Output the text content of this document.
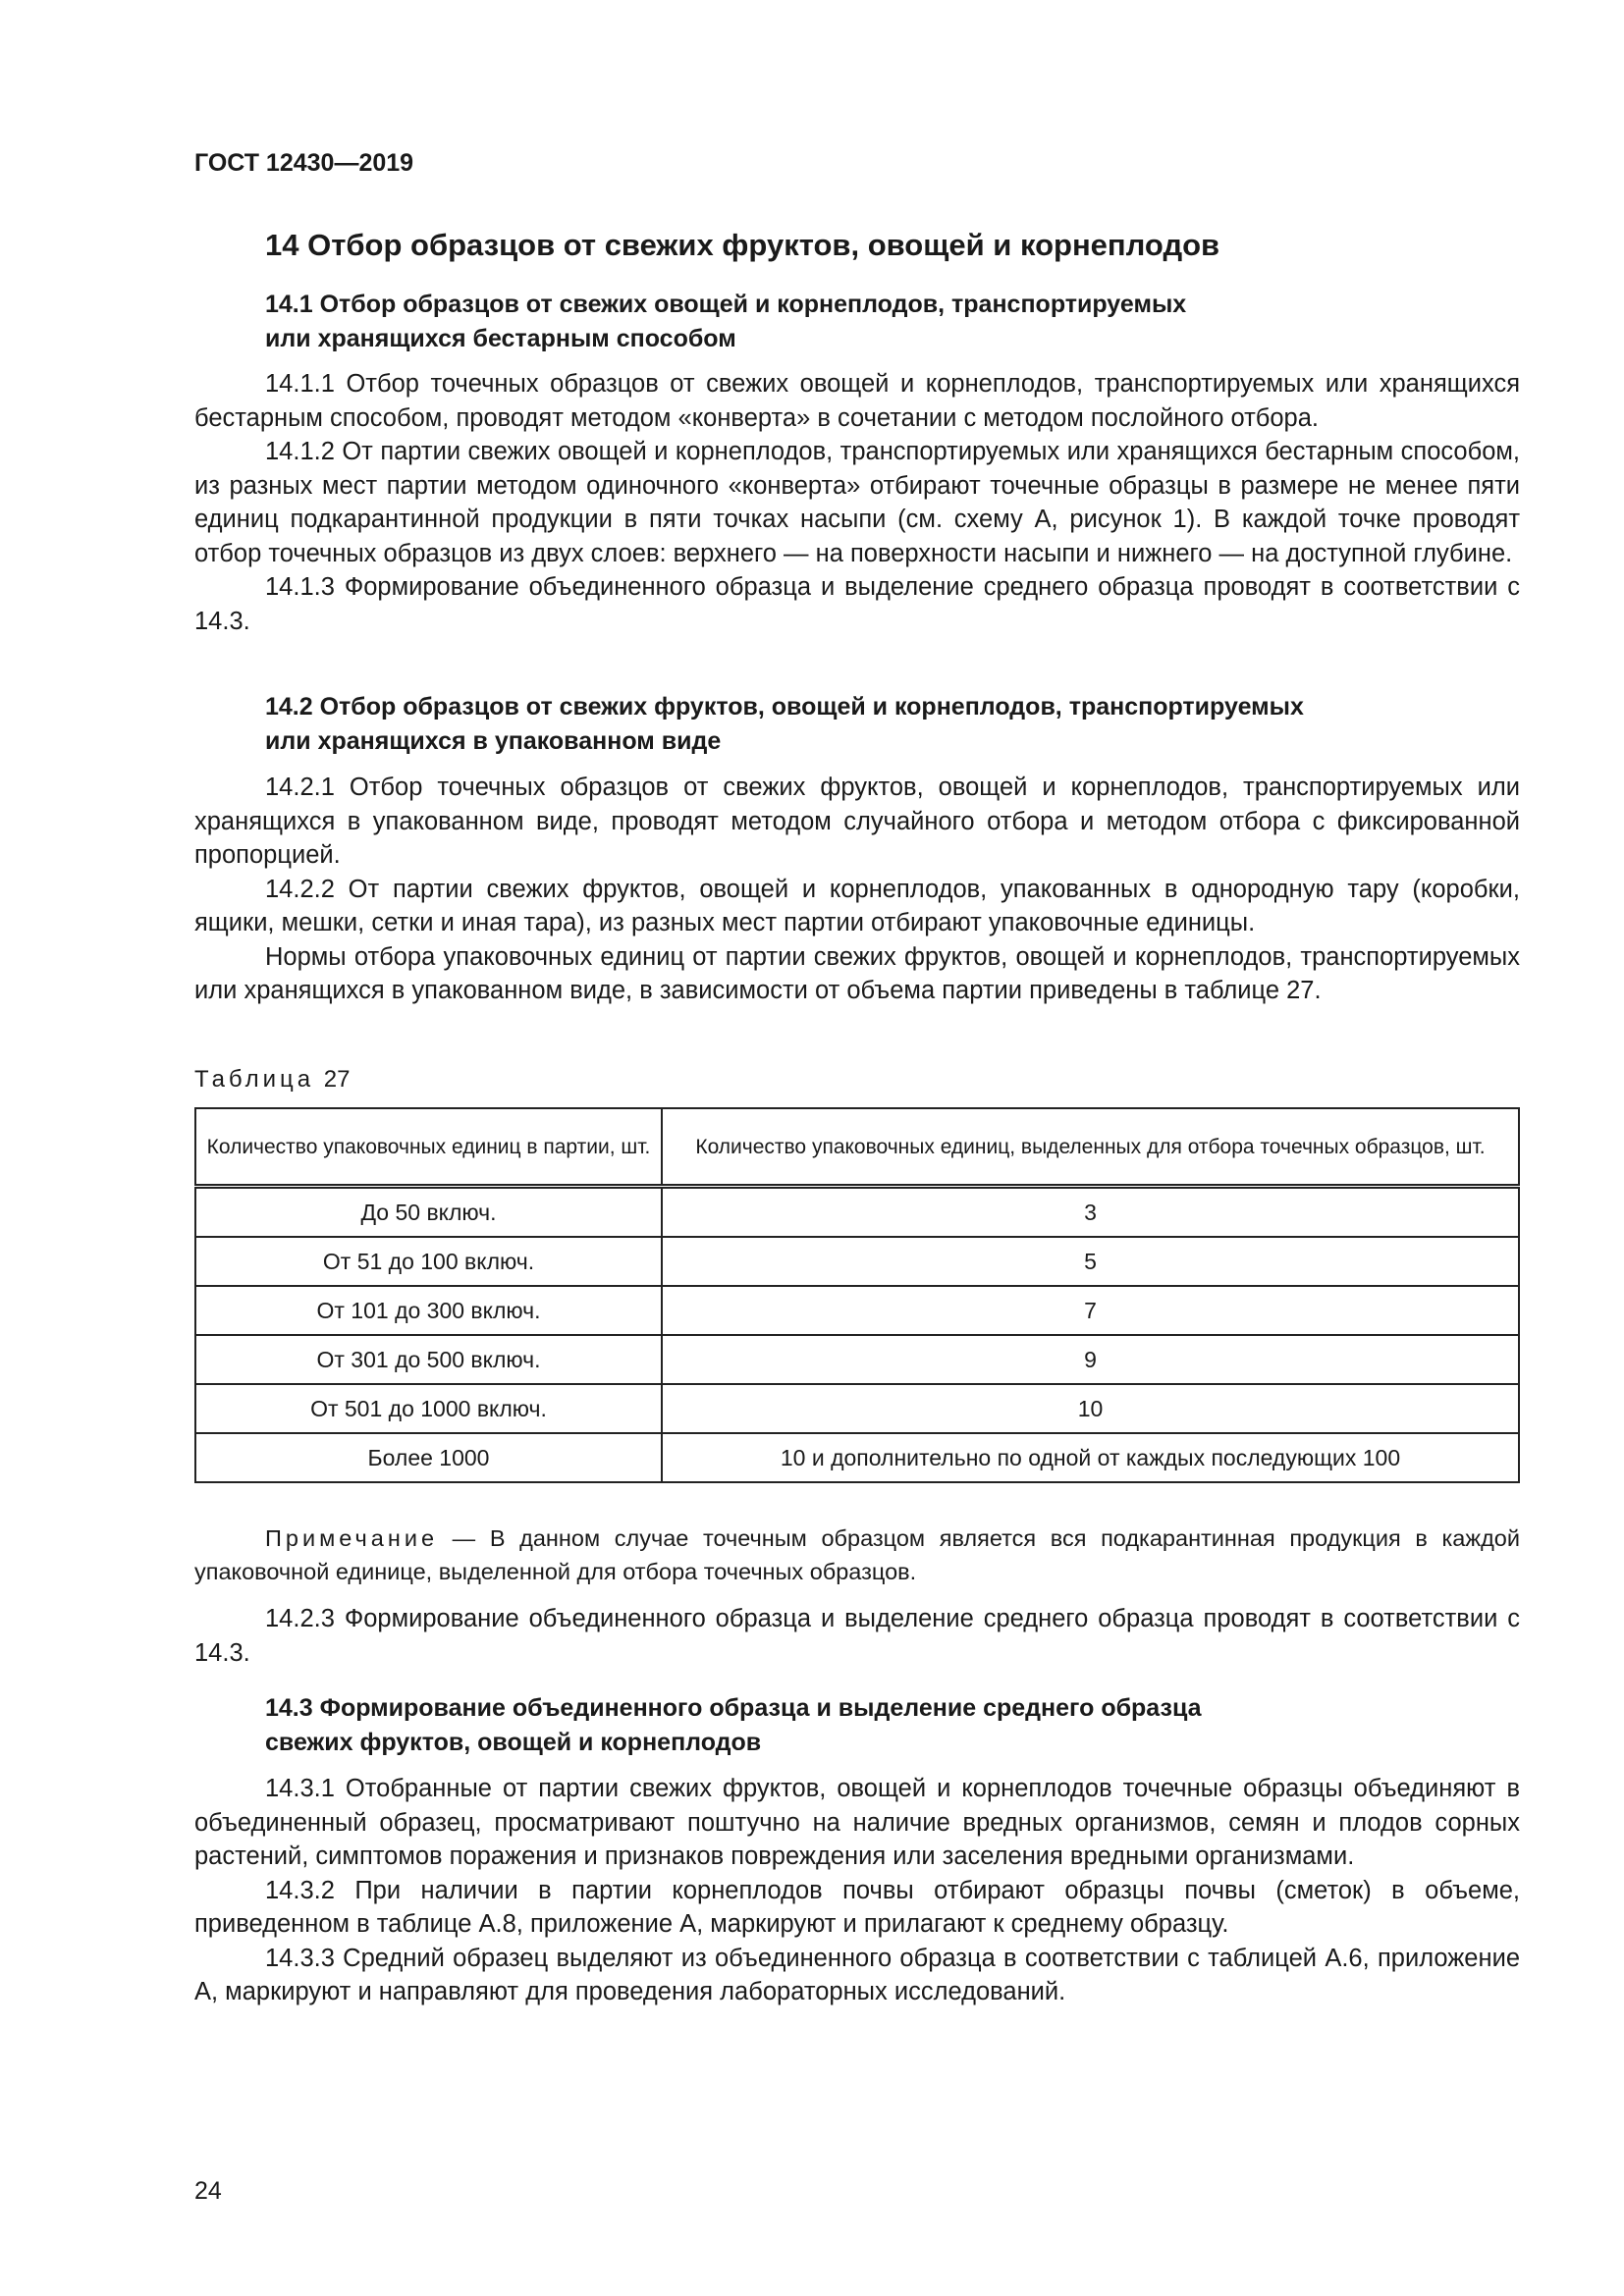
ГОСТ 12430—2019
14 Отбор образцов от свежих фруктов, овощей и корнеплодов
14.1 Отбор образцов от свежих овощей и корнеплодов, транспортируемых
или хранящихся бестарным способом

14.1.1 Отбор точечных образцов от свежих овощей и корнеплодов, транспортируемых или хранящихся бестарным способом, проводят методом «конверта» в сочетании с методом послойного отбора.

14.1.2 От партии свежих овощей и корнеплодов, транспортируемых или хранящихся бестарным способом, из разных мест партии методом одиночного «конверта» отбирают точечные образцы в размере не менее пяти единиц подкарантинной продукции в пяти точках насыпи (см. схему А, рисунок 1). В каждой точке проводят отбор точечных образцов из двух слоев: верхнего — на поверхности насыпи и нижнего — на доступной глубине.

14.1.3 Формирование объединенного образца и выделение среднего образца проводят в соответствии с 14.3.

14.2 Отбор образцов от свежих фруктов, овощей и корнеплодов, транспортируемых
или хранящихся в упакованном виде

14.2.1 Отбор точечных образцов от свежих фруктов, овощей и корнеплодов, транспортируемых или хранящихся в упакованном виде, проводят методом случайного отбора и методом отбора с фиксированной пропорцией.

14.2.2 От партии свежих фруктов, овощей и корнеплодов, упакованных в однородную тару (коробки, ящики, мешки, сетки и иная тара), из разных мест партии отбирают упаковочные единицы.

Нормы отбора упаковочных единиц от партии свежих фруктов, овощей и корнеплодов, транспортируемых или хранящихся в упакованном виде, в зависимости от объема партии приведены в таблице 27.

Таблица 27
Количество упаковочных единиц в партии, шт.	Количество упаковочных единиц, выделенных для отбора точечных образцов, шт.
До 50 включ.	3
От 51 до 100 включ.	5
От 101 до 300 включ.	7
От 301 до 500 включ.	9
От 501 до 1000 включ.	10
Более 1000	10 и дополнительно по одной от каждых последующих 100
Примечание — В данном случае точечным образцом является вся подкарантинная продукция в каждой упаковочной единице, выделенной для отбора точечных образцов.

14.2.3 Формирование объединенного образца и выделение среднего образца проводят в соответствии с 14.3.

14.3 Формирование объединенного образца и выделение среднего образца
свежих фруктов, овощей и корнеплодов

14.3.1 Отобранные от партии свежих фруктов, овощей и корнеплодов точечные образцы объединяют в объединенный образец, просматривают поштучно на наличие вредных организмов, семян и плодов сорных растений, симптомов поражения и признаков повреждения или заселения вредными организмами.

14.3.2 При наличии в партии корнеплодов почвы отбирают образцы почвы (сметок) в объеме, приведенном в таблице А.8, приложение А, маркируют и прилагают к среднему образцу.

14.3.3 Средний образец выделяют из объединенного образца в соответствии с таблицей А.6, приложение А, маркируют и направляют для проведения лабораторных исследований.

24
